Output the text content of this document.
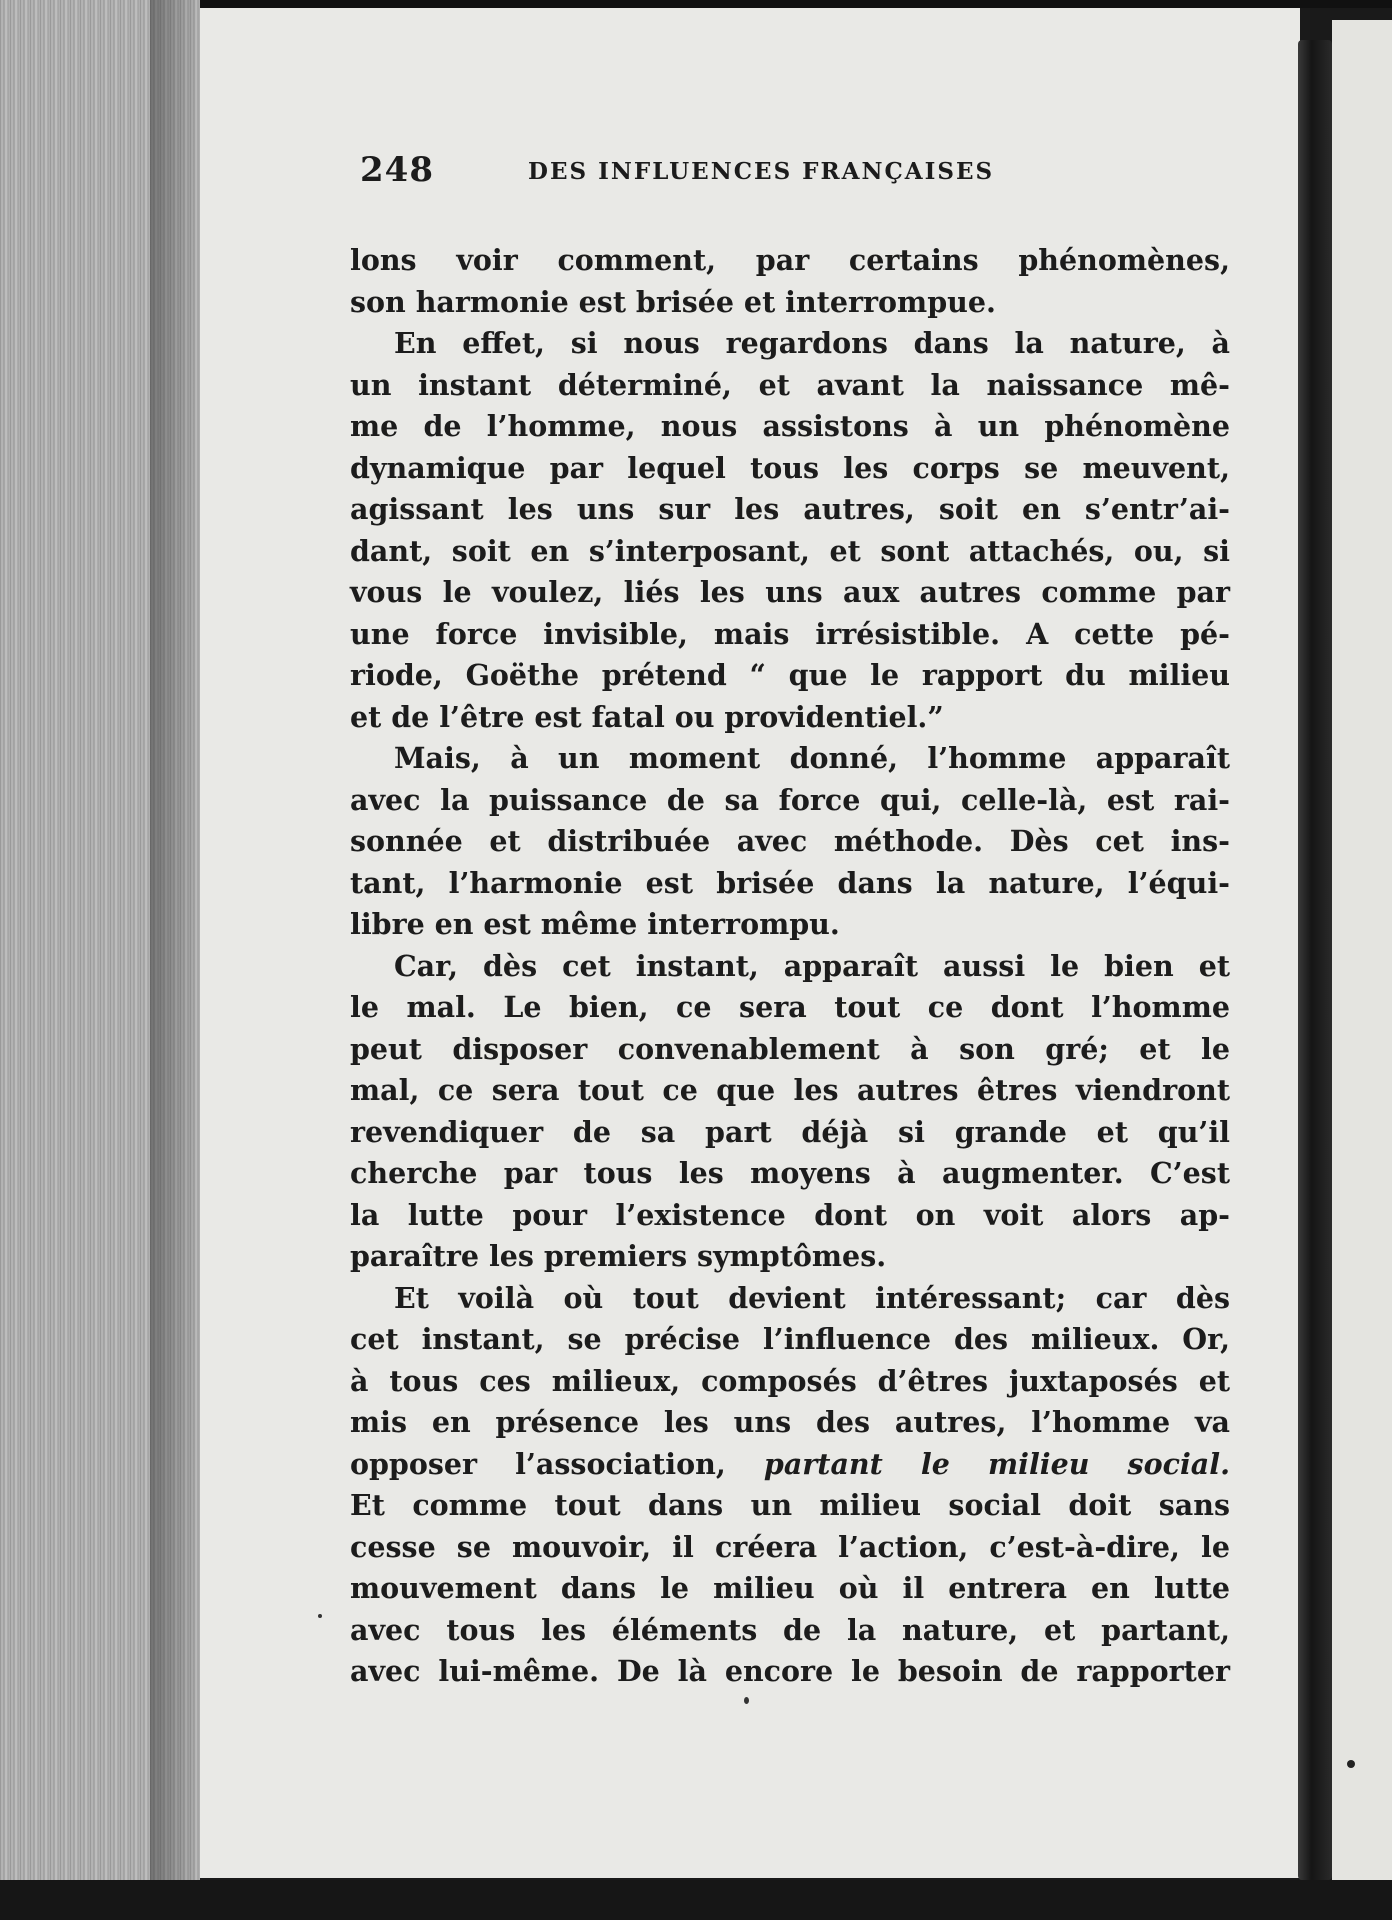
248	DES INFLUENCES FRANÇAISES

lons voir comment, par certains phénomènes,
son harmonie est brisée et interrompue.

En effet, si nous regardons dans la nature, à
un instant déterminé, et avant la naissance mê-
me de l’homme, nous assistons à un phénomène
dynamique par lequel tous les corps se meuvent,
agissant les uns sur les autres, soit en s’entr’ai-
dant, soit en s’interposant, et sont attachés, ou, si
vous le voulez, liés les uns aux autres comme par
une force invisible, mais irrésistible. A cette pé-
riode, Goëthe prétend “ que le rapport du milieu
et de l’être est fatal ou providentiel.”

Mais, à un moment donné, l’homme apparaît
avec la puissance de sa force qui, celle-là, est rai-
sonnée et distribuée avec méthode. Dès cet ins-
tant, l’harmonie est brisée dans la nature, l’équi-
libre en est même interrompu.

Car, dès cet instant, apparaît aussi le bien et
le mal. Le bien, ce sera tout ce dont l’homme
peut disposer convenablement à son gré; et le
mal, ce sera tout ce que les autres êtres viendront
revendiquer de sa part déjà si grande et qu’il
cherche par tous les moyens à augmenter. C’est
la lutte pour l’existence dont on voit alors ap-
paraître les premiers symptômes.

Et voilà où tout devient intéressant; car dès
cet instant, se précise l’influence des milieux. Or,
à tous ces milieux, composés d’êtres juxtaposés et
mis en présence les uns des autres, l’homme va
opposer l’association, partant le milieu social.
Et comme tout dans un milieu social doit sans
cesse se mouvoir, il créera l’action, c’est-à-dire, le
mouvement dans le milieu où il entrera en lutte
avec tous les éléments de la nature, et partant,
avec lui-même. De là encore le besoin de rapporter
